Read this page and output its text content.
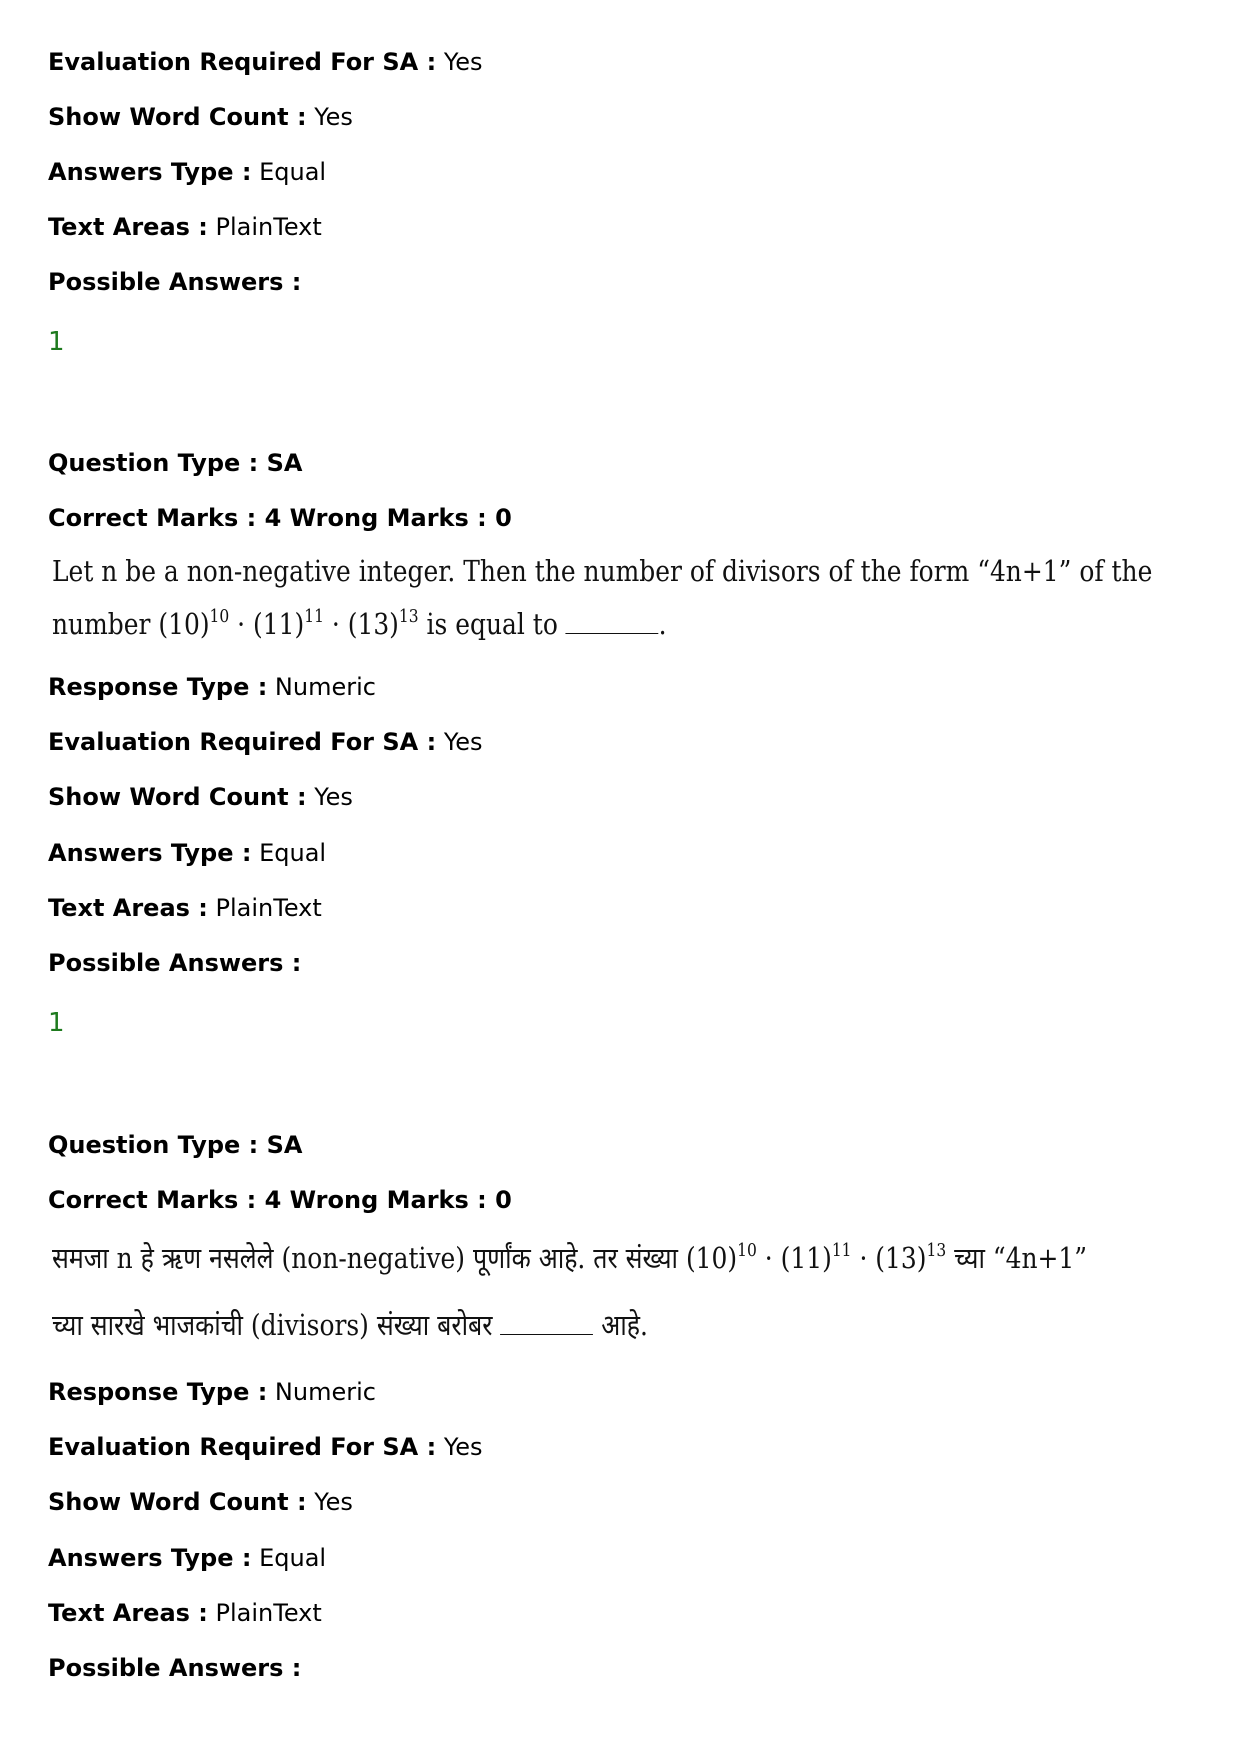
Evaluation Required For SA : Yes
Show Word Count : Yes
Answers Type : Equal
Text Areas : PlainText
Possible Answers :
1
Question Type : SA
Correct Marks : 4 Wrong Marks : 0
Let n be a non-negative integer. Then the number of divisors of the form “4n+1” of the
number $(10)^{10} \cdot (11)^{11} \cdot (13)^{13}$ is equal to	.
Response Type : Numeric
Evaluation Required For SA : Yes
Show Word Count : Yes
Answers Type : Equal
Text Areas : PlainText
Possible Answers :
1
Question Type : SA
Correct Marks : 4 Wrong Marks : 0
समजा n हे ऋण नसलेले (non-negative) पूर्णांक आहे. तर संख्या $(10)^{10} \cdot (11)^{11} \cdot (13)^{13}$ च्या “4n+1”
च्या सारखे भाजकांची (divisors) संख्या बरोबर	आहे.
Response Type : Numeric
Evaluation Required For SA : Yes
Show Word Count : Yes
Answers Type : Equal
Text Areas : PlainText
Possible Answers :
